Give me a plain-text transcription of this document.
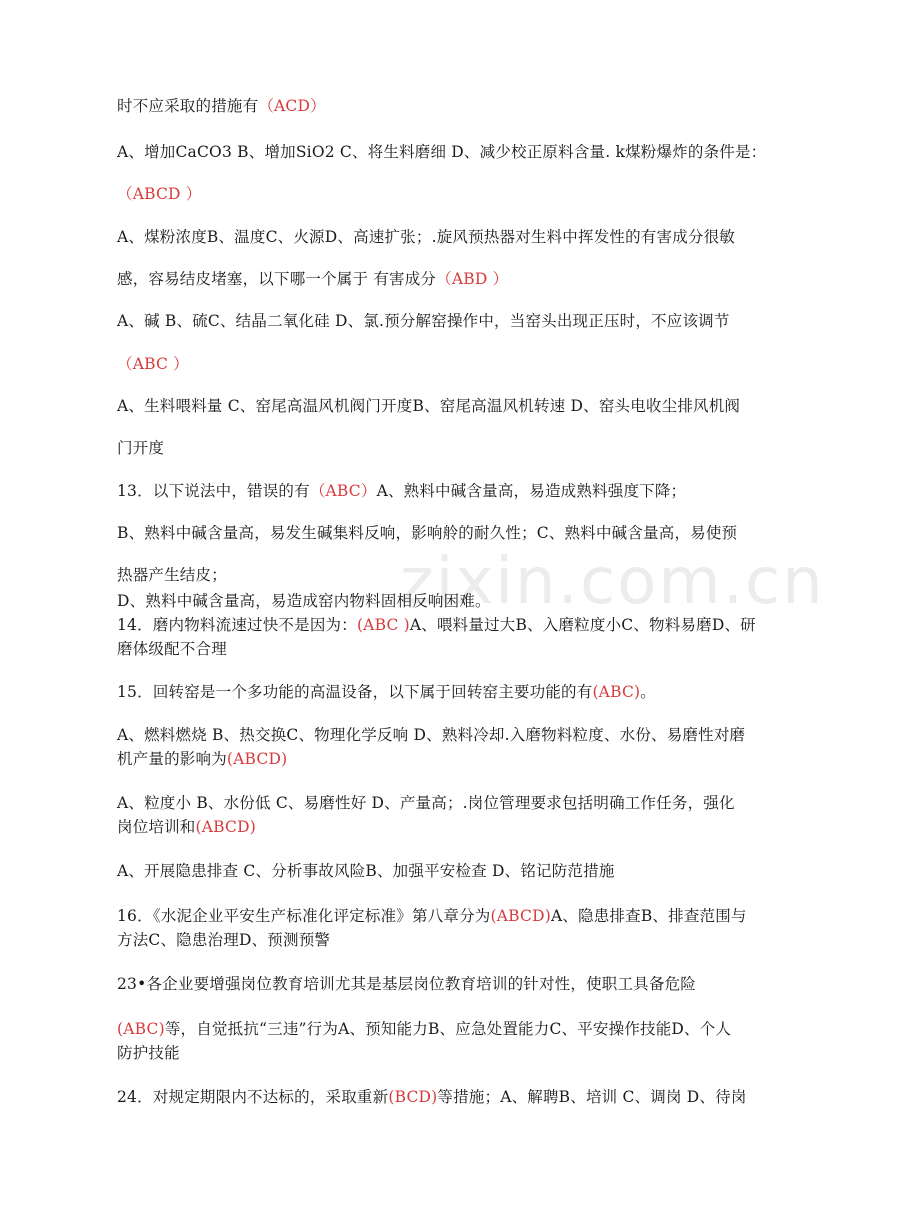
zixin.com.cn
时不应采取的措施有（ACD）
A、增加CaCO3 B、增加SiO2 C、将生料磨细 D、减少校正原料含量. k煤粉爆炸的条件是：
（ABCD ）
A、煤粉浓度B、温度C、火源D、高速扩张；.旋风预热器对生料中挥发性的有害成分很敏
感，容易结皮堵塞，以下哪一个属于 有害成分（ABD ）
A、碱 B、硫C、结晶二氧化硅 D、氯.预分解窑操作中，当窑头出现正压时，不应该调节
（ABC ）
A、生料喂料量 C、窑尾高温风机阀门开度B、窑尾高温风机转速 D、窑头电收尘排风机阀
门开度
13．以下说法中，错误的有（ABC）A、熟料中碱含量高，易造成熟料强度下降；
B、熟料中碱含量高，易发生碱集料反响，影响舲的耐久性；C、熟料中碱含量高，易使预
热器产生结皮；
D、熟料中碱含量高，易造成窑内物料固相反响困难。
14．磨内物料流速过快不是因为：(ABC )A、喂料量过大B、入磨粒度小C、物料易磨D、研
磨体级配不合理
15．回转窑是一个多功能的高温设备，以下属于回转窑主要功能的有(ABC)。
A、燃料燃烧 B、热交换C、物理化学反响 D、熟料冷却.入磨物料粒度、水份、易磨性对磨
机产量的影响为(ABCD)
A、粒度小 B、水份低 C、易磨性好 D、产量高；.岗位管理要求包括明确工作任务，强化
岗位培训和(ABCD)
A、开展隐患排查 C、分析事故风险B、加强平安检查 D、铭记防范措施
16．《水泥企业平安生产标准化评定标准》第八章分为(ABCD)A、隐患排查B、排查范围与
方法C、隐患治理D、预测预警
23•各企业要增强岗位教育培训尤其是基层岗位教育培训的针对性，使职工具备危险
(ABC)等，自觉抵抗“三违”行为A、预知能力B、应急处置能力C、平安操作技能D、个人
防护技能
24．对规定期限内不达标的，采取重新(BCD)等措施；A、解聘B、培训 C、调岗 D、待岗
